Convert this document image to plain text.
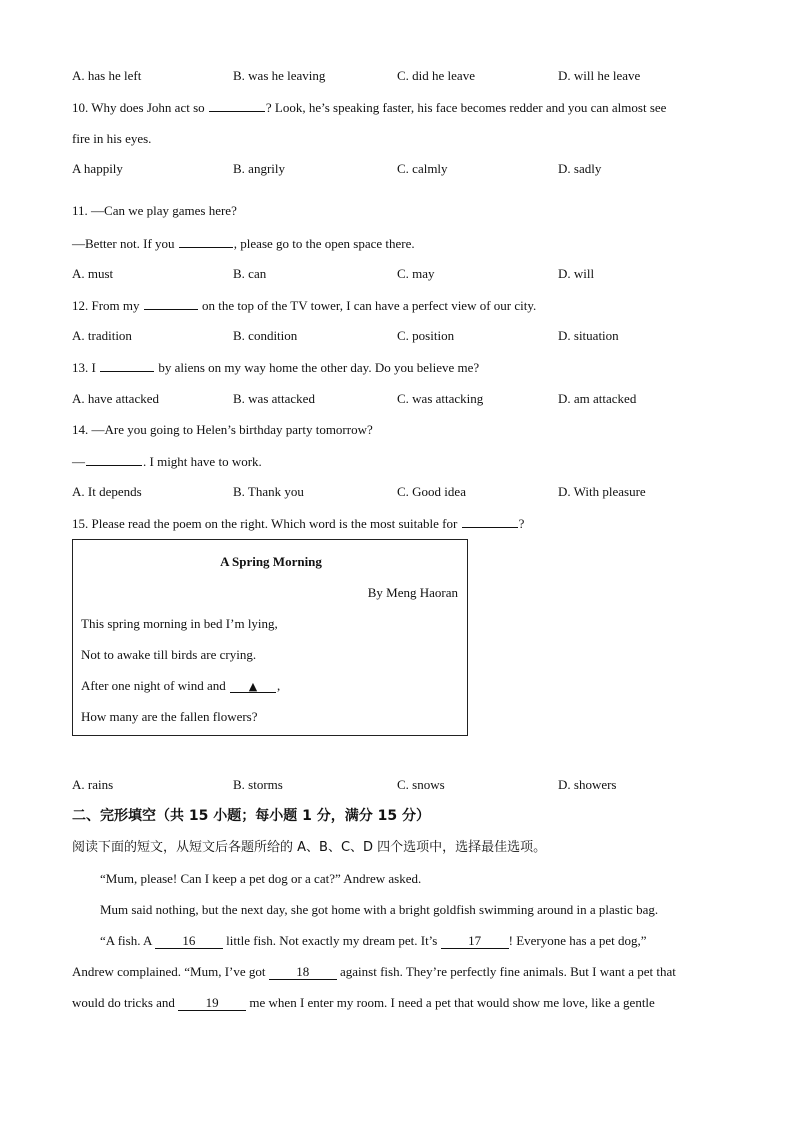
A. has he left	B. was he leaving	C. did he leave	D. will he leave
10. Why does John act so	? Look, he’s speaking faster, his face becomes redder and you can almost see
fire in his eyes.
A happily	B. angrily	C. calmly	D. sadly
11. —Can we play games here?
—Better not. If you	, please go to the open space there.
A. must	B. can	C. may	D. will
12. From my	on the top of the TV tower, I can have a perfect view of our city.
A. tradition	B. condition	C. position	D. situation
13. I	by aliens on my way home the other day. Do you believe me?
A. have attacked	B. was attacked	C. was attacking	D. am attacked
14. —Are you going to Helen’s birthday party tomorrow?
—	. I might have to work.
A. It depends	B. Thank you	C. Good idea	D. With pleasure
15. Please read the poem on the right. Which word is the most suitable for	?
A Spring Morning
By Meng Haoran
This spring morning in bed I’m lying,
Not to awake till birds are crying.
After one night of wind and ▲ ,
How many are the fallen flowers?
A. rains	B. storms	C. snows	D. showers
二、完形填空（共 15 小题；每小题 1 分，满分 15 分）
阅读下面的短文，从短文后各题所给的 A、B、C、D 四个选项中，选择最佳选项。
“Mum, please! Can I keep a pet dog or a cat?” Andrew asked.
Mum said nothing, but the next day, she got home with a bright goldfish swimming around in a plastic bag.
“A fish. A 16 little fish. Not exactly my dream pet. It’s 17 ! Everyone has a pet dog,”
Andrew complained. “Mum, I’ve got 18 against fish. They’re perfectly fine animals. But I want a pet that
would do tricks and 19 me when I enter my room. I need a pet that would show me love, like a gentle
